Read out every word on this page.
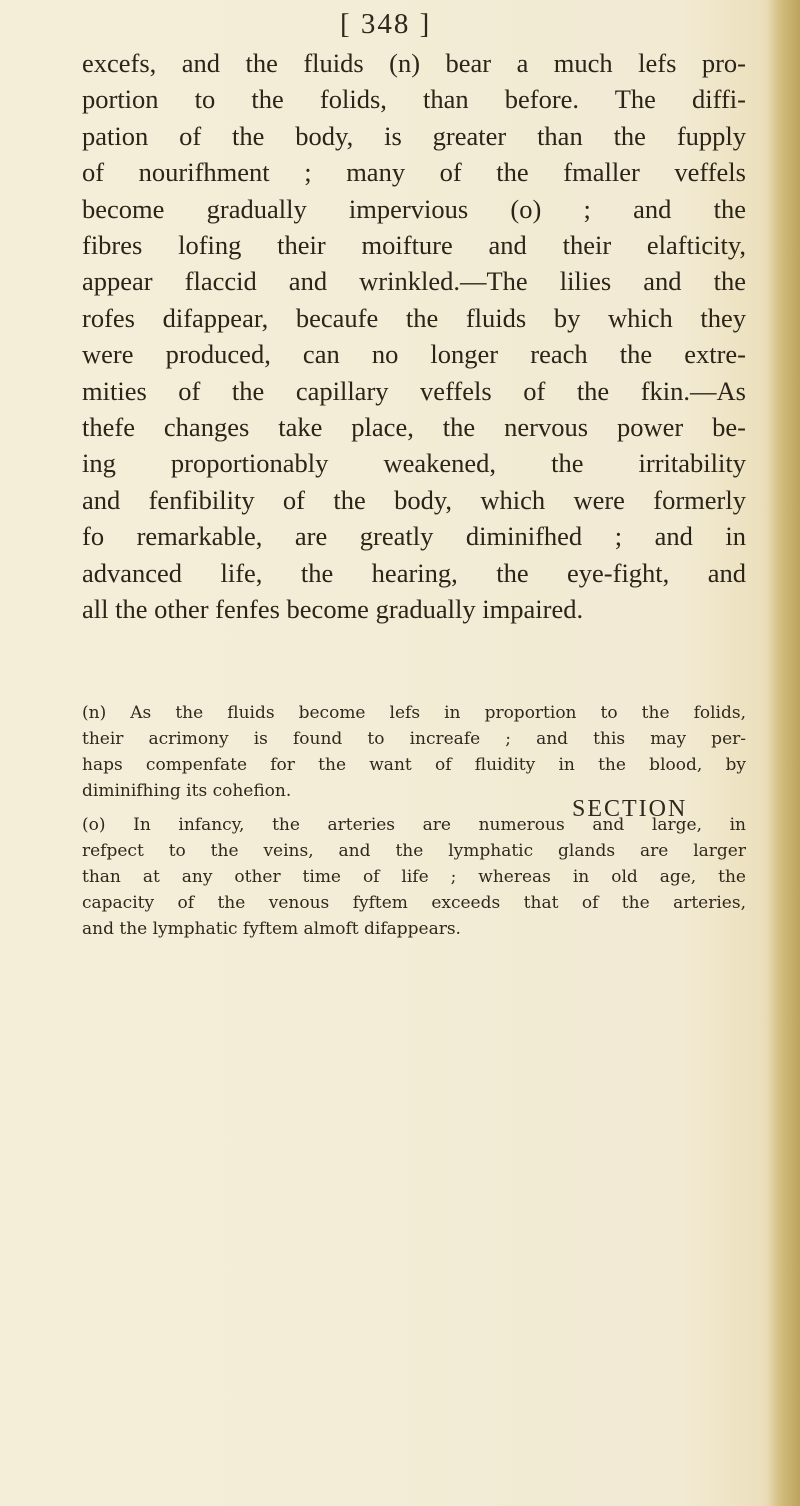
[ 348 ]
excefs, and the fluids (n) bear a much lefs pro-
portion to the folids, than before. The diffi-
pation of the body, is greater than the fupply
of nourifhment ; many of the fmaller veffels
become gradually impervious (o) ; and the
fibres lofing their moifture and their elafticity,
appear flaccid and wrinkled.—The lilies and the
rofes difappear, becaufe the fluids by which they
were produced, can no longer reach the extre-
mities of the capillary veffels of the fkin.—As
thefe changes take place, the nervous power be-
ing proportionably weakened, the irritability
and fenfibility of the body, which were formerly
fo remarkable, are greatly diminifhed ; and in
advanced life, the hearing, the eye-fight, and
all the other fenfes become gradually impaired.
(n) As the fluids become lefs in proportion to the folids,
their acrimony is found to increafe ; and this may per-
haps compenfate for the want of fluidity in the blood, by
diminifhing its cohefion.
(o) In infancy, the arteries are numerous and large, in
refpect to the veins, and the lymphatic glands are larger
than at any other time of life ; whereas in old age, the
capacity of the venous fyftem exceeds that of the arteries,
and the lymphatic fyftem almoft difappears.
SECTION
